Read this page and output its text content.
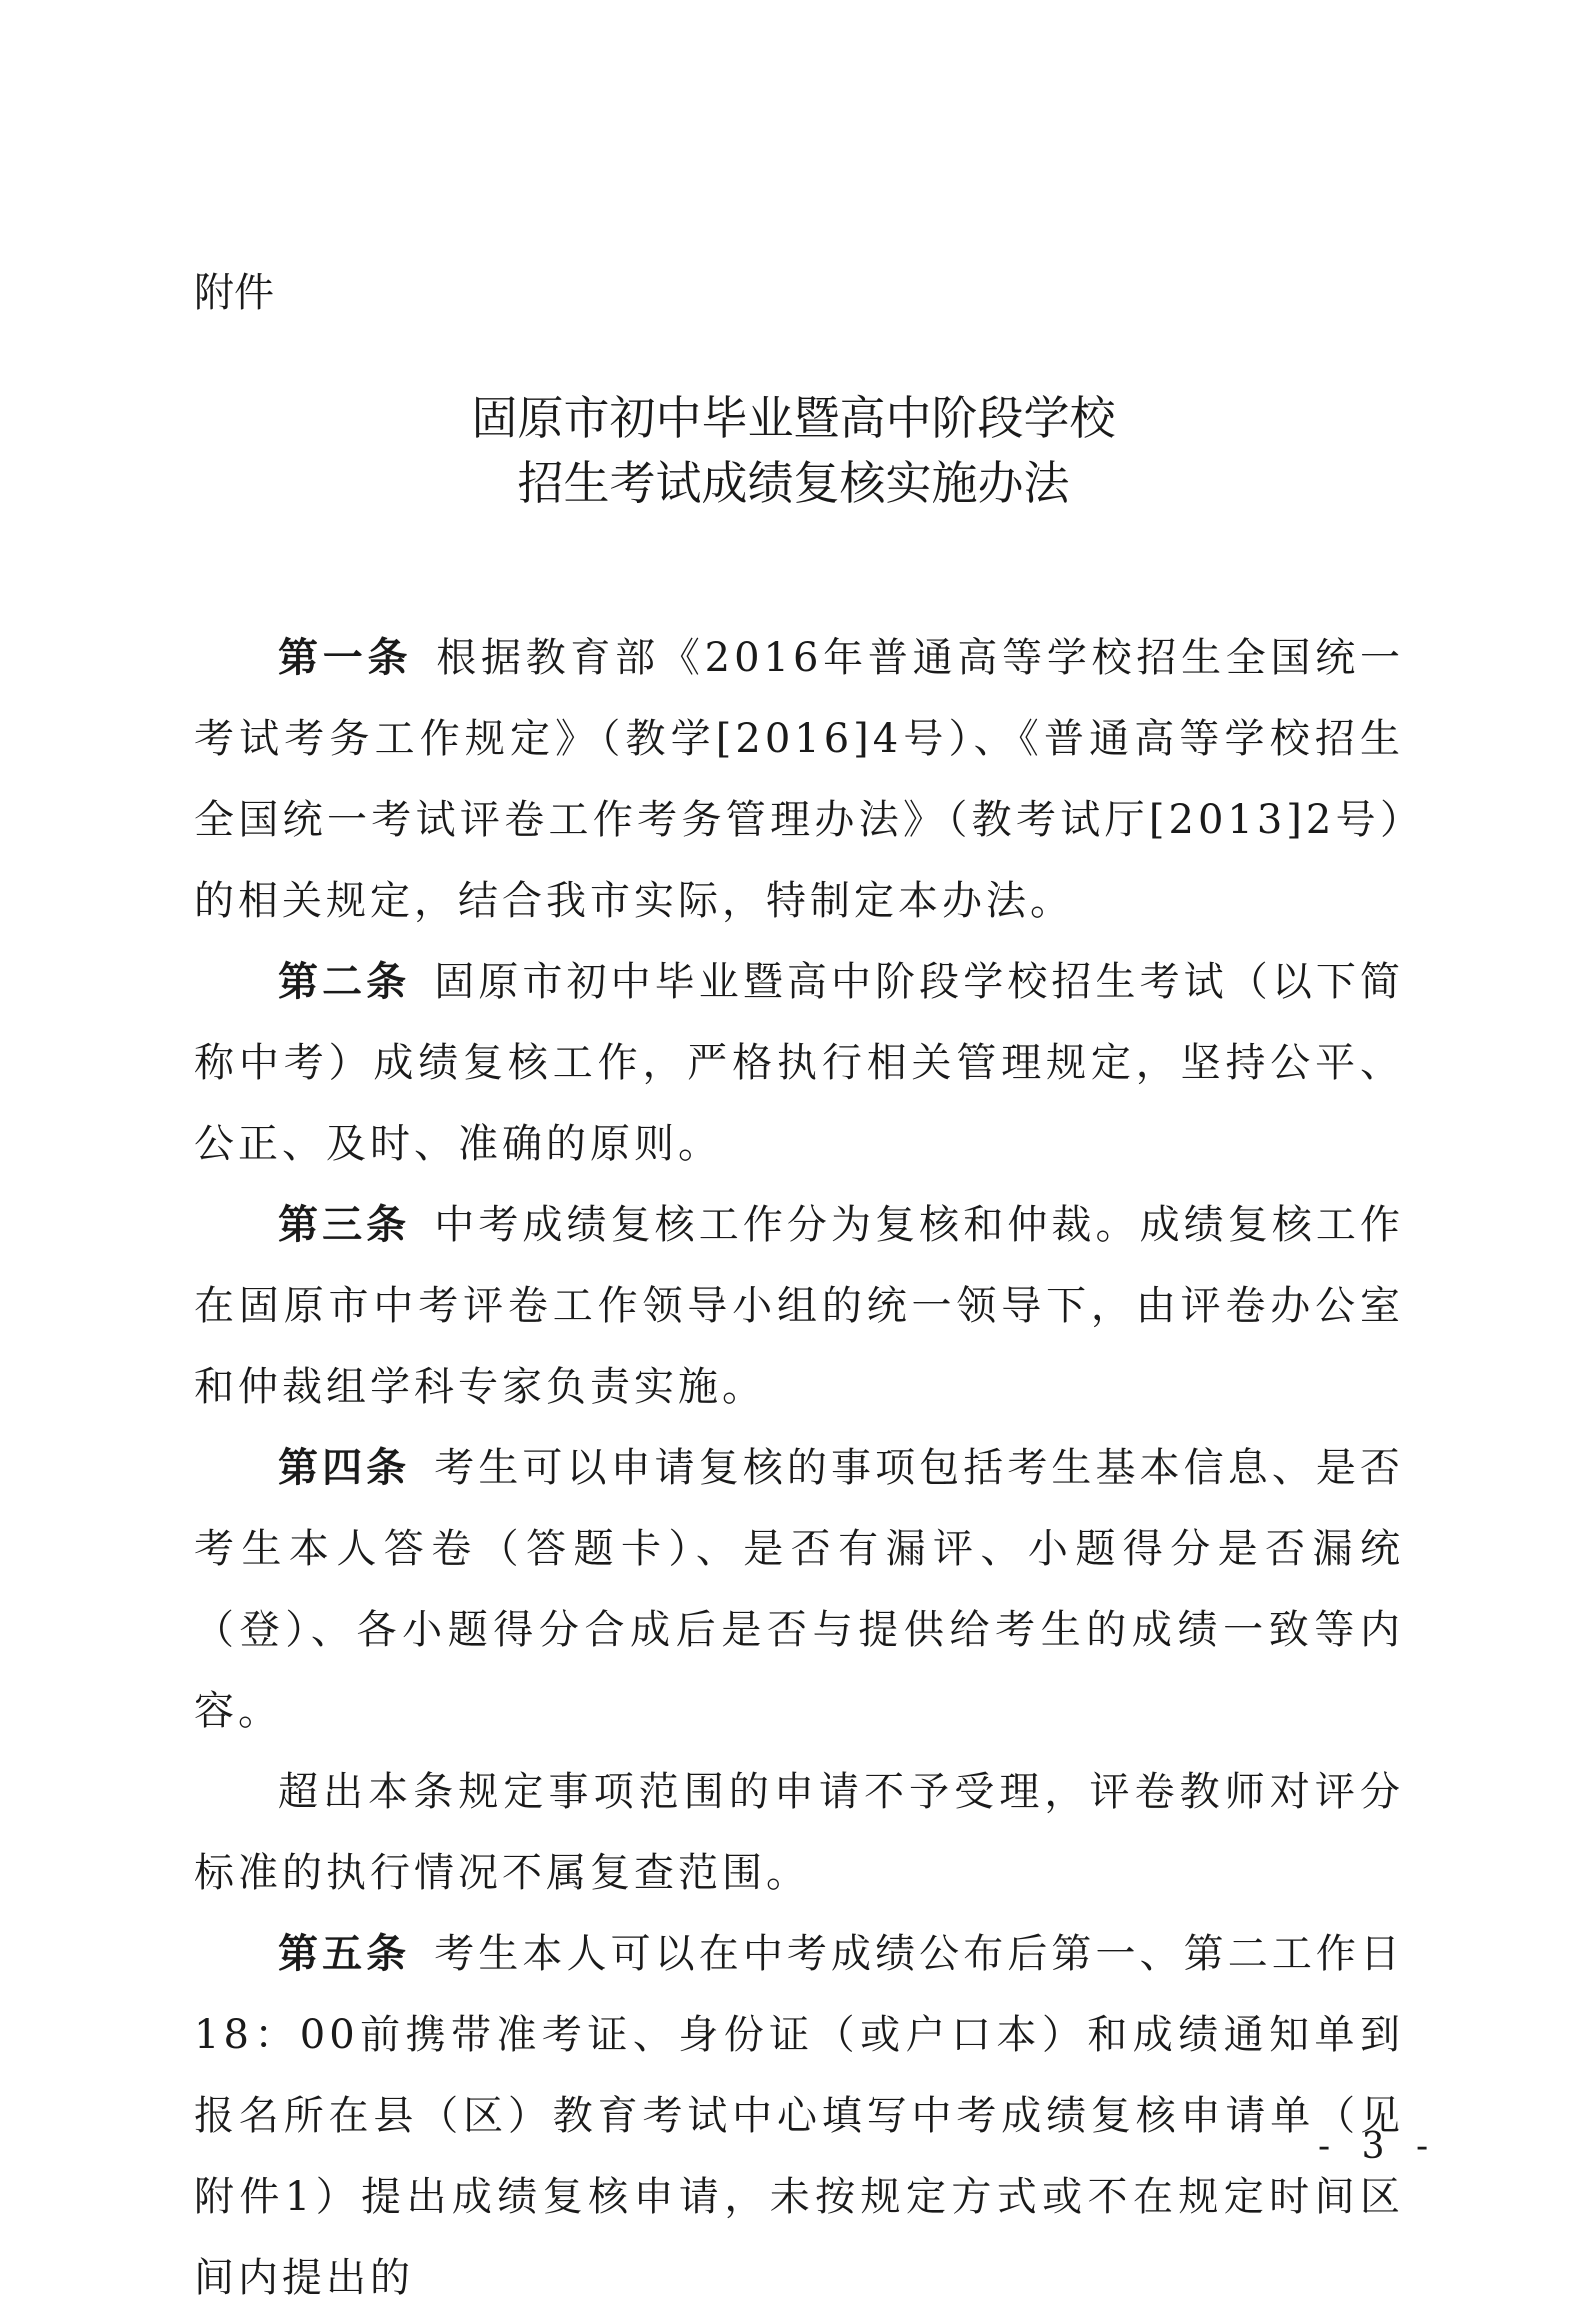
附件
固原市初中毕业暨高中阶段学校
招生考试成绩复核实施办法

第一条 根据教育部《2016年普通高等学校招生全国统一考试考务工作规定》（教学[2016]4号）、《普通高等学校招生全国统一考试评卷工作考务管理办法》（教考试厅[2013]2号）的相关规定，结合我市实际，特制定本办法。

第二条 固原市初中毕业暨高中阶段学校招生考试（以下简称中考）成绩复核工作，严格执行相关管理规定，坚持公平、公正、及时、准确的原则。

第三条 中考成绩复核工作分为复核和仲裁。成绩复核工作在固原市中考评卷工作领导小组的统一领导下，由评卷办公室和仲裁组学科专家负责实施。

第四条 考生可以申请复核的事项包括考生基本信息、是否考生本人答卷（答题卡）、是否有漏评、小题得分是否漏统（登）、各小题得分合成后是否与提供给考生的成绩一致等内容。

超出本条规定事项范围的申请不予受理，评卷教师对评分标准的执行情况不属复查范围。

第五条 考生本人可以在中考成绩公布后第一、第二工作日18：00前携带准考证、身份证（或户口本）和成绩通知单到报名所在县（区）教育考试中心填写中考成绩复核申请单（见附件1）提出成绩复核申请，未按规定方式或不在规定时间区间内提出的

- 3 -
